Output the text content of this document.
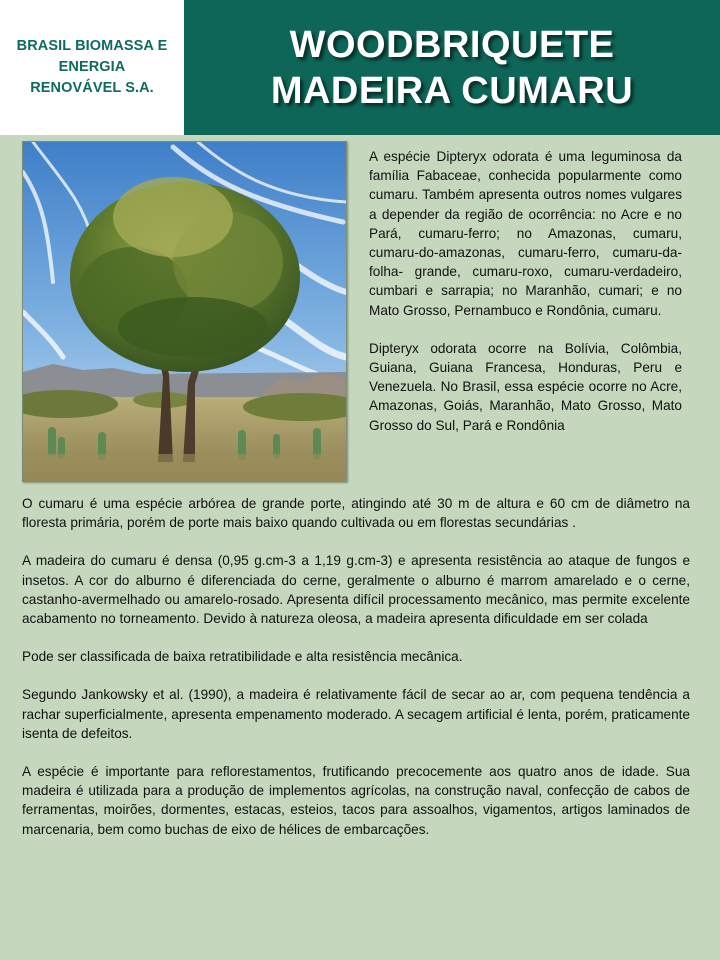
BRASIL BIOMASSA E
ENERGIA
RENOVÁVEL S.A.
WOODBRIQUETE
MADEIRA CUMARU

A espécie Dipteryx odorata é uma leguminosa da família Fabaceae, conhecida popularmente como cumaru. Também apresenta outros nomes vulgares a depender da região de ocorrência: no Acre e no Pará, cumaru-ferro; no Amazonas, cumaru, cumaru-do-amazonas, cumaru-ferro, cumaru-da-folha- grande, cumaru-roxo, cumaru-verdadeiro, cumbari e sarrapia; no Maranhão, cumari; e no Mato Grosso, Pernambuco e Rondônia, cumaru.

Dipteryx odorata ocorre na Bolívia, Colômbia, Guiana, Guiana Francesa, Honduras, Peru e Venezuela. No Brasil, essa espécie ocorre no Acre, Amazonas, Goiás, Maranhão, Mato Grosso, Mato Grosso do Sul, Pará e Rondônia

O cumaru é uma espécie arbórea de grande porte, atingindo até 30 m de altura e 60 cm de diâmetro na floresta primária, porém de porte mais baixo quando cultivada ou em florestas secundárias .

A madeira do cumaru é densa (0,95 g.cm-3 a 1,19 g.cm-3) e apresenta resistência ao ataque de fungos e insetos. A cor do alburno é diferenciada do cerne, geralmente o alburno é marrom amarelado e o cerne, castanho-avermelhado ou amarelo-rosado. Apresenta difícil processamento mecânico, mas permite excelente acabamento no torneamento. Devido à natureza oleosa, a madeira apresenta dificuldade em ser colada

Pode ser classificada de baixa retratibilidade e alta resistência mecânica.

Segundo Jankowsky et al. (1990), a madeira é relativamente fácil de secar ao ar, com pequena tendência a rachar superficialmente, apresenta empenamento moderado. A secagem artificial é lenta, porém, praticamente isenta de defeitos.

A espécie é importante para reflorestamentos, frutificando precocemente aos quatro anos de idade. Sua madeira é utilizada para a produção de implementos agrícolas, na construção naval, confecção de cabos de ferramentas, moirões, dormentes, estacas, esteios, tacos para assoalhos, vigamentos, artigos laminados de marcenaria, bem como buchas de eixo de hélices de embarcações.
